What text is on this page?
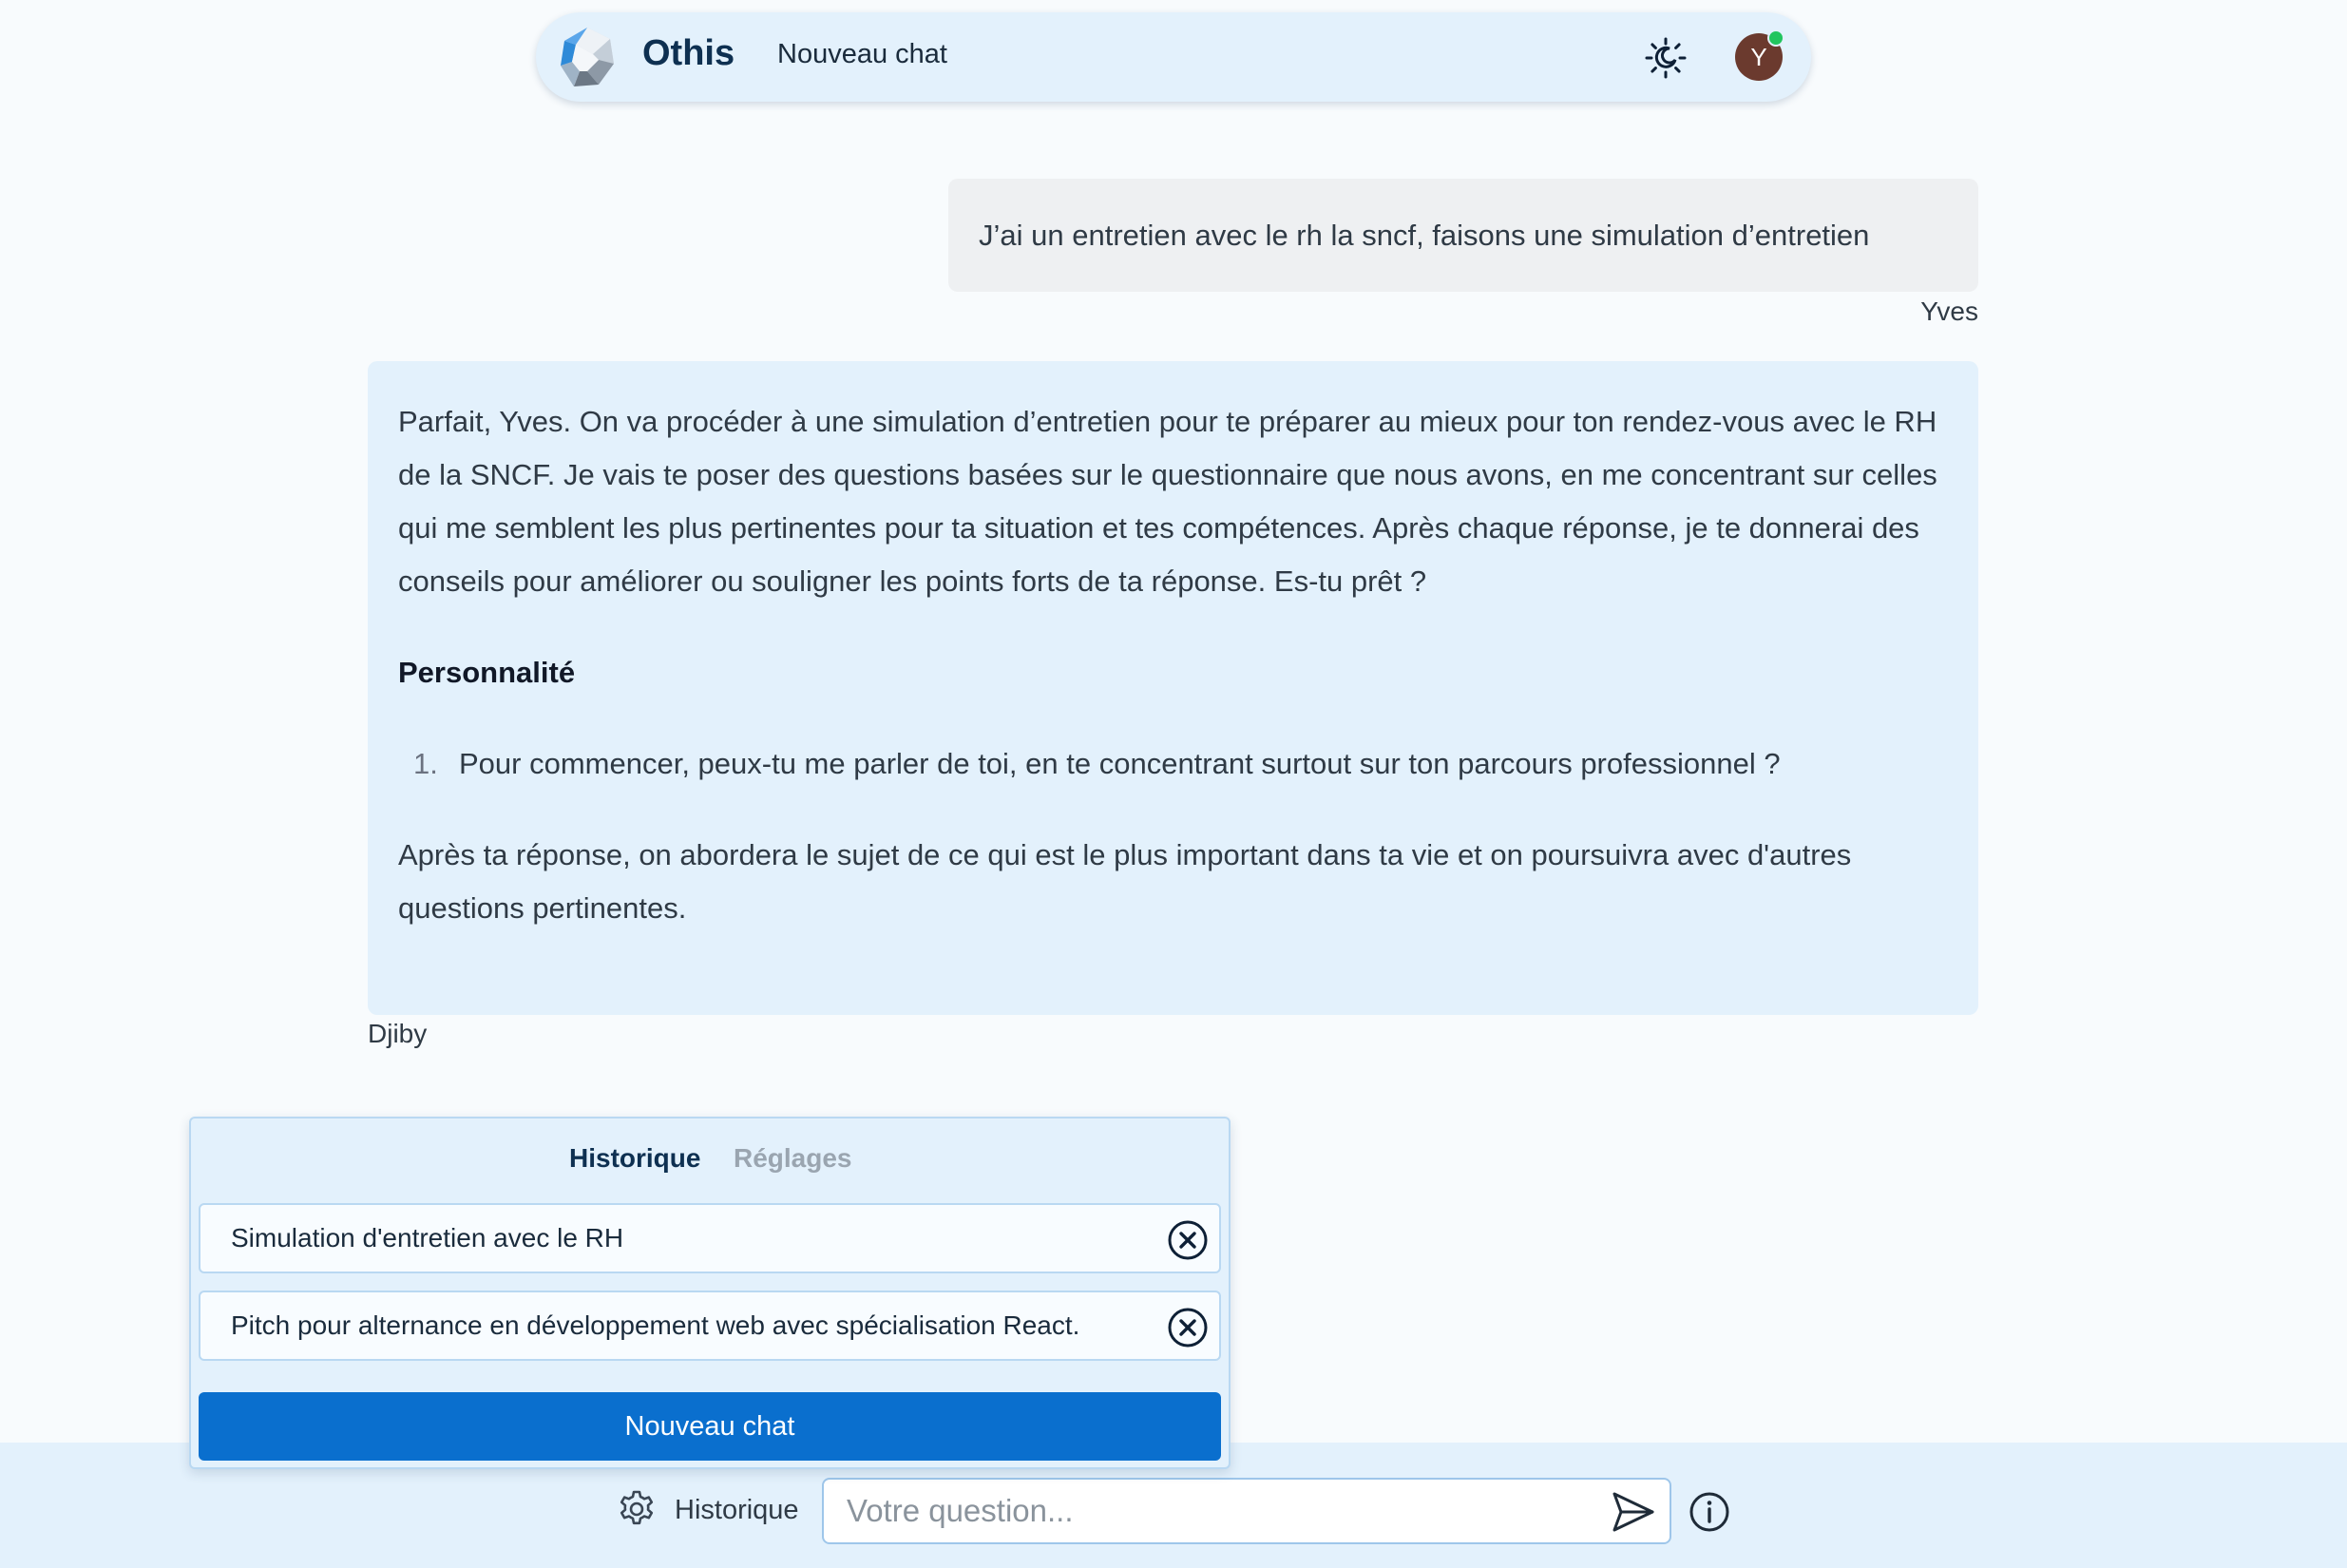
Othis Nouveau chat	Y
J’ai un entretien avec le rh la sncf, faisons une simulation d’entretien
Yves

Parfait, Yves. On va procéder à une simulation d’entretien pour te préparer au mieux pour ton rendez-vous avec le RH de la SNCF. Je vais te poser des questions basées sur le questionnaire que nous avons, en me concentrant sur celles qui me semblent les plus pertinentes pour ta situation et tes compétences. Après chaque réponse, je te donnerai des conseils pour améliorer ou souligner les points forts de ta réponse. Es-tu prêt ?

Personnalité
1. Pour commencer, peux-tu me parler de toi, en te concentrant surtout sur ton parcours professionnel ?

Après ta réponse, on abordera le sujet de ce qui est le plus important dans ta vie et on poursuivra avec d'autres questions pertinentes.

Djiby
Historique
Votre question...
Historique Réglages
Simulation d'entretien avec le RH
Pitch pour alternance en développement web avec spécialisation React.
Nouveau chat
